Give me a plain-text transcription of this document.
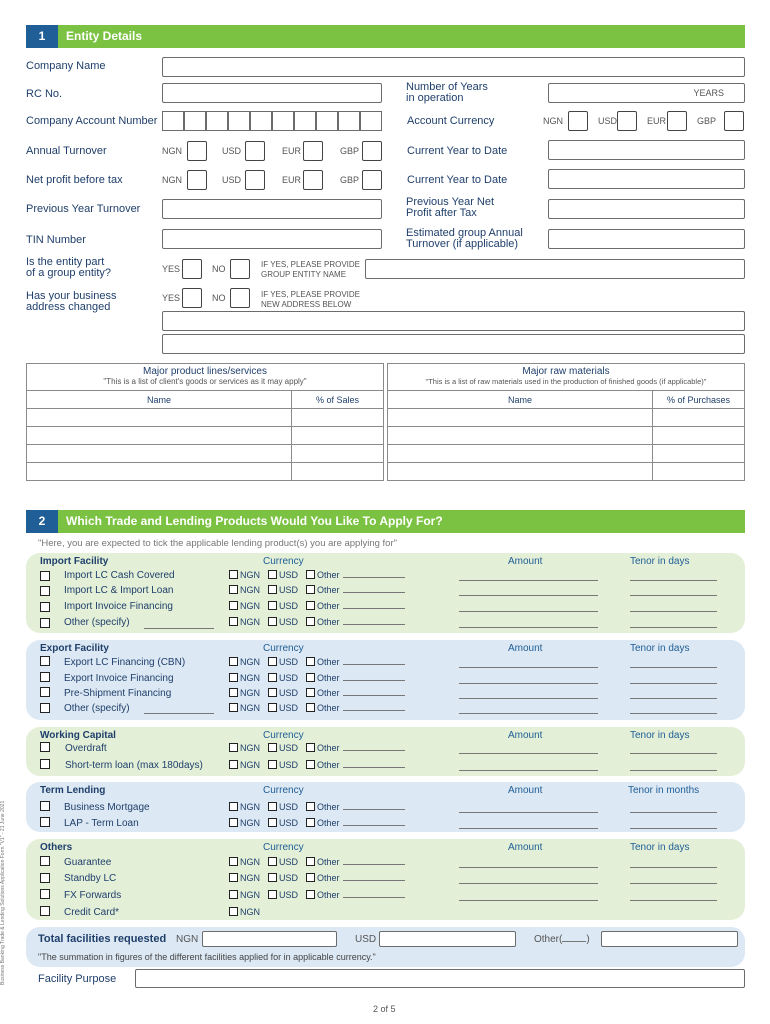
1	Entity Details
Company Name
RC No.
Number of Years
in operation	YEARS
Company Account Number	Account Currency	NGN	USD	EUR	GBP
Annual Turnover	NGN	USD	EUR	GBP	Current Year to Date
Net profit before tax	NGN	USD	EUR	GBP	Current Year to Date
Previous Year Turnover
Previous Year Net
Profit after Tax
TIN Number
Estimated group Annual
Turnover (if applicable)
Is the entity part
of a group entity?	YES	NO	IF YES, PLEASE PROVIDE
GROUP ENTITY NAME
Has your business
address changed
YES	NO	IF YES, PLEASE PROVIDE
NEW ADDRESS BELOW
Major product lines/services
"This is a list of client's goods or services as it may apply"	

Name	% of Sales

Major raw materials
"This is a list of raw materials used in the production of finished goods (if applicable)"	

Name	% of Purchases

2	Which Trade and Lending Products Would You Like To Apply For?
"Here, you are expected to tick the applicable lending product(s) you are applying for"
Import Facility	Currency	Amount	Tenor in days
Import LC Cash Covered	NGN USD Other
Import LC & Import Loan	NGN USD Other
Import Invoice Financing	NGN USD Other
Other (specify)	NGN USD Other
Export Facility	Currency	Amount	Tenor in days
Export LC Financing (CBN)	NGN USD Other
Export Invoice Financing	NGN USD Other
Pre-Shipment Financing	NGN USD Other
Other (specify)	NGN USD Other
Working Capital	Currency	Amount	Tenor in days
Overdraft	NGN USD Other
Short-term loan (max 180days)	NGN USD Other
Term Lending	Currency	Amount	Tenor in months
Business Mortgage	NGN USD Other
LAP - Term Loan	NGN USD Other
Others	Currency	Amount	Tenor in days
Guarantee	NGN USD Other
Standby LC	NGN USD Other
FX Forwards	NGN USD Other
Credit Card*	NGN
Total facilities requested NGN	USD	Other( )
"The summation in figures of the different facilities applied for in applicable currency."
Facility Purpose
2 of 5
Business Banking Trade & Lending Solutions Application Form "V1" - 21 June 2021
